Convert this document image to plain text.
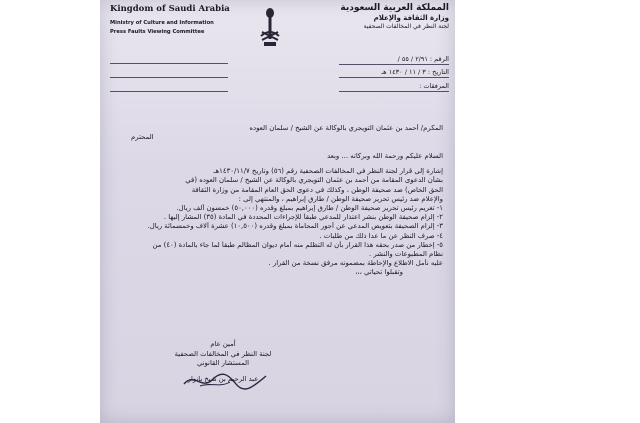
Kingdom of Saudi Arabia
Ministry of Culture and Information
Press Faults Viewing Committee
المملكة العربية السعودية
وزارة الثقافة والإعلام
لجنة النظر في المخالفات الصحفية
الرقم : ٢/٩١ / ٥٥ /
التاريخ : ٣ / ١١ / ١٤٣٠ هـ
المرفقات :
المكرم/ أحمد بن عثمان التويجري بالوكالة عن الشيخ / سلمان العوده
المحترم
السلام عليكم ورحمة الله وبركاته ... وبعد
إشارة إلى قرار لجنة النظر في المخالفات الصحفية رقم (٥٦) وتاريخ ١٤٣٠/١١/٧هـ
بشأن الدعوى المقامة من أحمد بن عثمان التويجري بالوكالة عن الشيخ / سلمان العوده (في
الحق الخاص) ضد صحيفة الوطن ، وكذلك في دعوى الحق العام المقامة من وزارة الثقافة
والإعلام ضد رئيس تحرير صحيفة الوطن / طارق إبراهيم ، والمنتهي إلى :
١- تغريم رئيس تحرير صحيفة الوطن / طارق إبراهيم بمبلغ وقدره (٥٠,٠٠٠) خمسون ألف ريال.
٢- إلزام صحيفة الوطن بنشر اعتذار للمدعي طبقاً للإجراءات المحددة في المادة (٣٥) المشار إليها .
٣- إلزام الصحيفة بتعويض المدعي عن أجور المحاماة بمبلغ وقدره (١٠,٥٠٠) عشرة آلاف وخمسمائة ريال.
٤- صرف النظر عن ما عدا ذلك من طلبات .
٥- إخطار من صدر بحقه هذا القرار بأن له التظلم منه أمام ديوان المظالم طبقاً لما جاء بالمادة (٤٠) من
نظام المطبوعات والنشر .
عليه نأمل الاطلاع والإحاطة بمضمونه مرفق نسخة من القرار .
وتقبلوا تحياتي ،،،
أمين عام
لجنة النظر في المخالفات الصحفية
المستشار القانوني
عبد الرحيم بن شيخ بانوار
